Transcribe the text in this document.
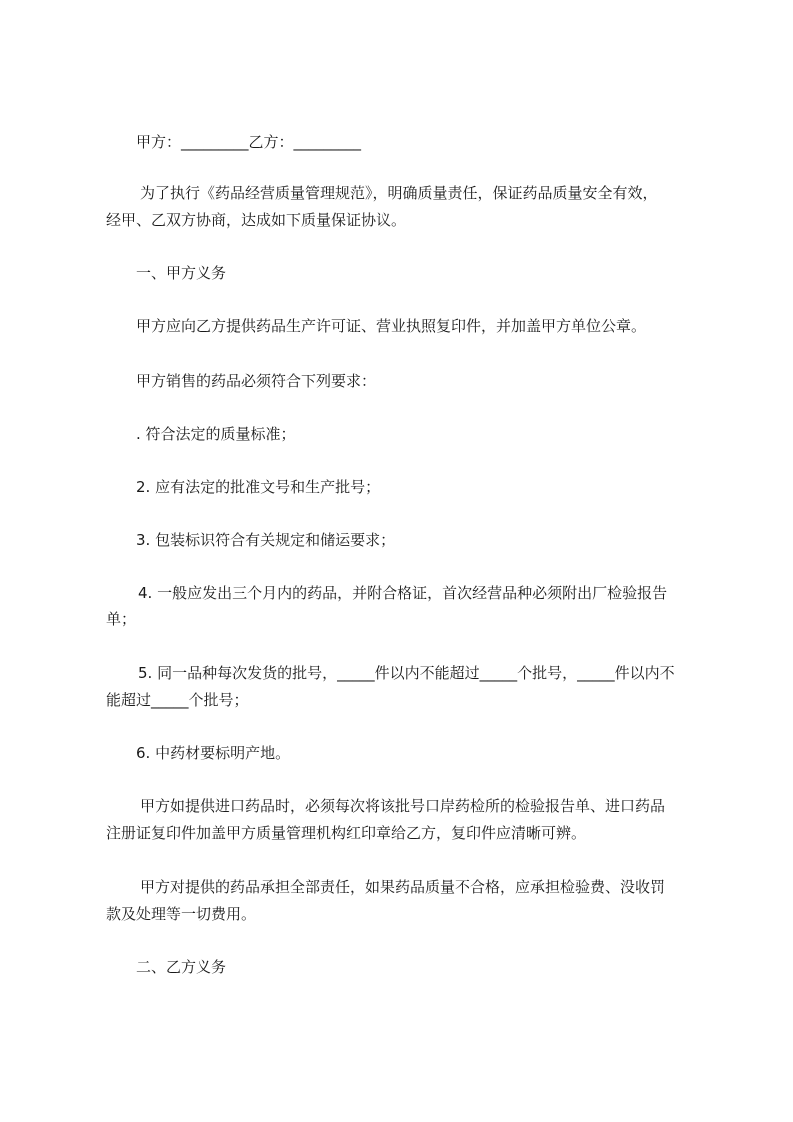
甲方：_________乙方：_________

为了执行《药品经营质量管理规范》，明确质量责任，保证药品质量安全有效，

经甲、乙双方协商，达成如下质量保证协议。

一、甲方义务

甲方应向乙方提供药品生产许可证、营业执照复印件，并加盖甲方单位公章。

甲方销售的药品必须符合下列要求：

. 符合法定的质量标准；

2. 应有法定的批准文号和生产批号；

3. 包装标识符合有关规定和储运要求；

4. 一般应发出三个月内的药品，并附合格证，首次经营品种必须附出厂检验报告

单；

5. 同一品种每次发货的批号，_____件以内不能超过_____个批号，_____件以内不

能超过_____个批号；

6. 中药材要标明产地。

甲方如提供进口药品时，必须每次将该批号口岸药检所的检验报告单、进口药品

注册证复印件加盖甲方质量管理机构红印章给乙方，复印件应清晰可辨。

甲方对提供的药品承担全部责任，如果药品质量不合格，应承担检验费、没收罚

款及处理等一切费用。

二、乙方义务
